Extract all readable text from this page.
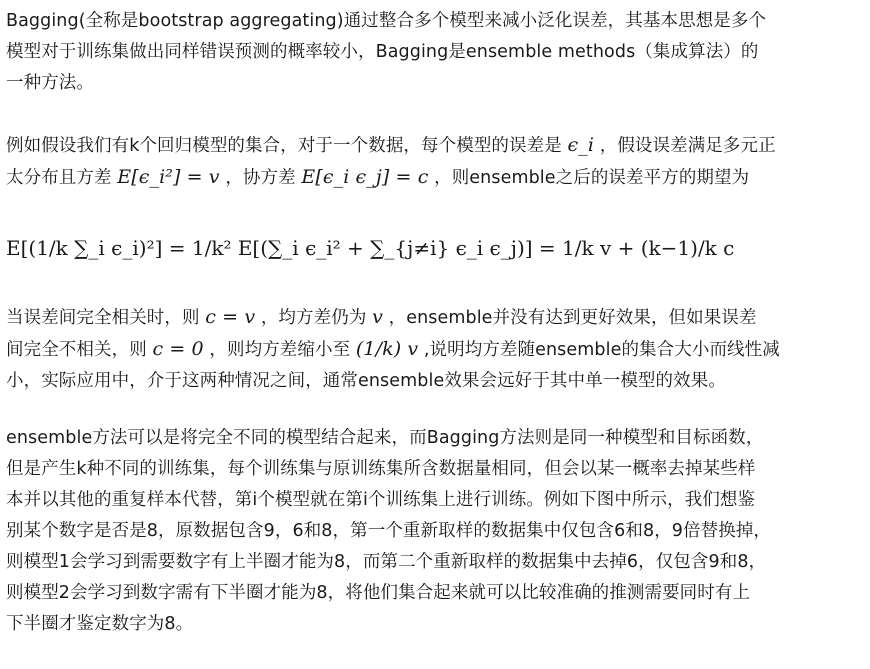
Bagging(全称是bootstrap aggregating)通过整合多个模型来减小泛化误差，其基本思想是多个
模型对于训练集做出同样错误预测的概率较小，Bagging是ensemble methods（集成算法）的
一种方法。

例如假设我们有k个回归模型的集合，对于一个数据，每个模型的误差是 ϵ_i ，假设误差满足多元正
太分布且方差 E[ϵ_i²] = v ，协方差 E[ϵ_i ϵ_j] = c ，则ensemble之后的误差平方的期望为

E[(1/k ∑_i ϵ_i)²] = 1/k² E[(∑_i ϵ_i² + ∑_{j≠i} ϵ_i ϵ_j)] = 1/k v + (k−1)/k c

当误差间完全相关时，则 c = v ，均方差仍为 v ，ensemble并没有达到更好效果，但如果误差
间完全不相关，则 c = 0 ，则均方差缩小至 (1/k) v ,说明均方差随ensemble的集合大小而线性减
小，实际应用中，介于这两种情况之间，通常ensemble效果会远好于其中单一模型的效果。

ensemble方法可以是将完全不同的模型结合起来，而Bagging方法则是同一种模型和目标函数，
但是产生k种不同的训练集，每个训练集与原训练集所含数据量相同，但会以某一概率去掉某些样
本并以其他的重复样本代替，第i个模型就在第i个训练集上进行训练。例如下图中所示，我们想鉴
别某个数字是否是8，原数据包含9，6和8，第一个重新取样的数据集中仅包含6和8，9倍替换掉，
则模型1会学习到需要数字有上半圈才能为8，而第二个重新取样的数据集中去掉6，仅包含9和8，
则模型2会学习到数字需有下半圈才能为8，将他们集合起来就可以比较准确的推测需要同时有上
下半圈才鉴定数字为8。
